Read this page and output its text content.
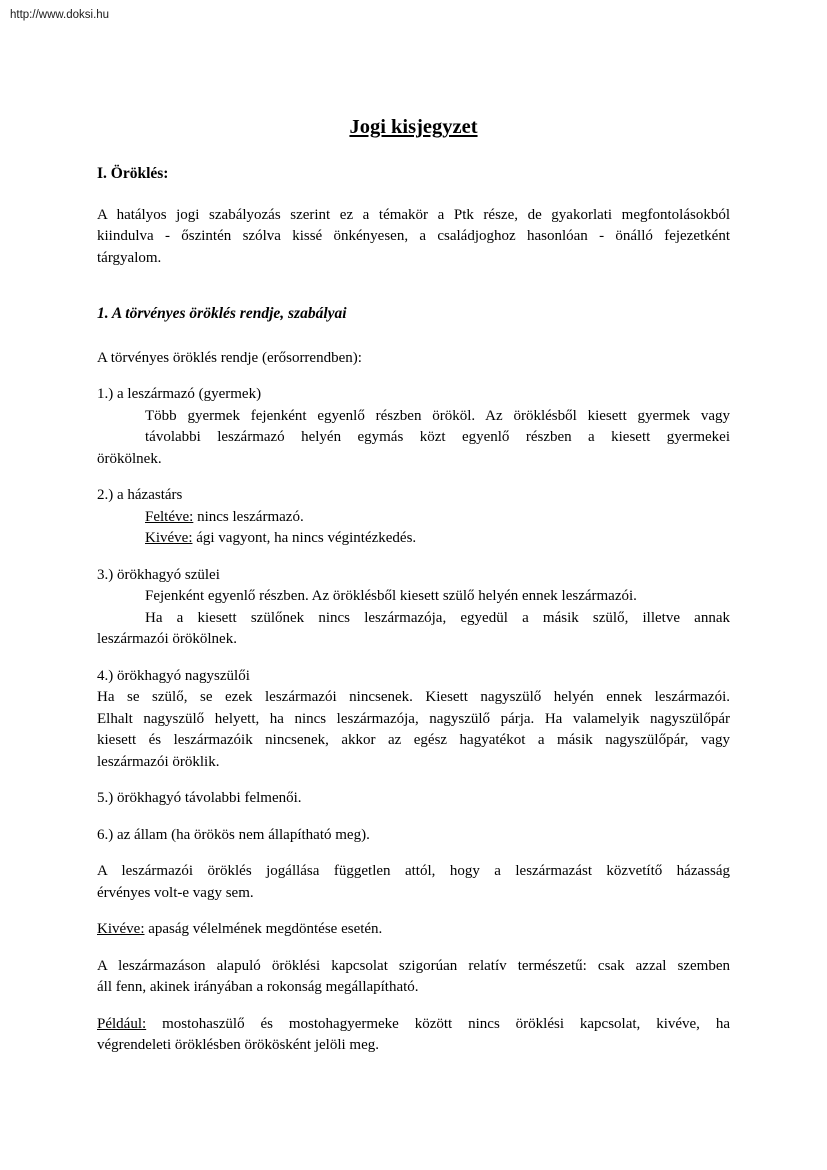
http://www.doksi.hu
Jogi kisjegyzet
I. Öröklés:
A hatályos jogi szabályozás szerint ez a témakör a Ptk része, de gyakorlati megfontolásokból
kiindulva - őszintén szólva kissé önkényesen, a családjoghoz hasonlóan - önálló fejezetként
tárgyalom.
1. A törvényes öröklés rendje, szabályai
A törvényes öröklés rendje (erősorrendben):
1.) a leszármazó (gyermek)
Több gyermek fejenként egyenlő részben örököl. Az öröklésből kiesett gyermek vagy
távolabbi leszármazó helyén egymás közt egyenlő részben a kiesett gyermekei
örökölnek.
2.) a házastárs
Feltéve: nincs leszármazó.
Kivéve: ági vagyont, ha nincs végintézkedés.
3.) örökhagyó szülei
Fejenként egyenlő részben. Az öröklésből kiesett szülő helyén ennek leszármazói.
Ha a kiesett szülőnek nincs leszármazója, egyedül a másik szülő, illetve annak
leszármazói örökölnek.
4.) örökhagyó nagyszülői
Ha se szülő, se ezek leszármazói nincsenek. Kiesett nagyszülő helyén ennek leszármazói.
Elhalt nagyszülő helyett, ha nincs leszármazója, nagyszülő párja. Ha valamelyik nagyszülőpár
kiesett és leszármazóik nincsenek, akkor az egész hagyatékot a másik nagyszülőpár, vagy
leszármazói öröklik.
5.) örökhagyó távolabbi felmenői.
6.) az állam (ha örökös nem állapítható meg).
A leszármazói öröklés jogállása független attól, hogy a leszármazást közvetítő házasság
érvényes volt-e vagy sem.
Kivéve: apaság vélelmének megdöntése esetén.
A leszármazáson alapuló öröklési kapcsolat szigorúan relatív természetű: csak azzal szemben
áll fenn, akinek irányában a rokonság megállapítható.
Például: mostohaszülő és mostohagyermeke között nincs öröklési kapcsolat, kivéve, ha
végrendeleti öröklésben örökösként jelöli meg.
